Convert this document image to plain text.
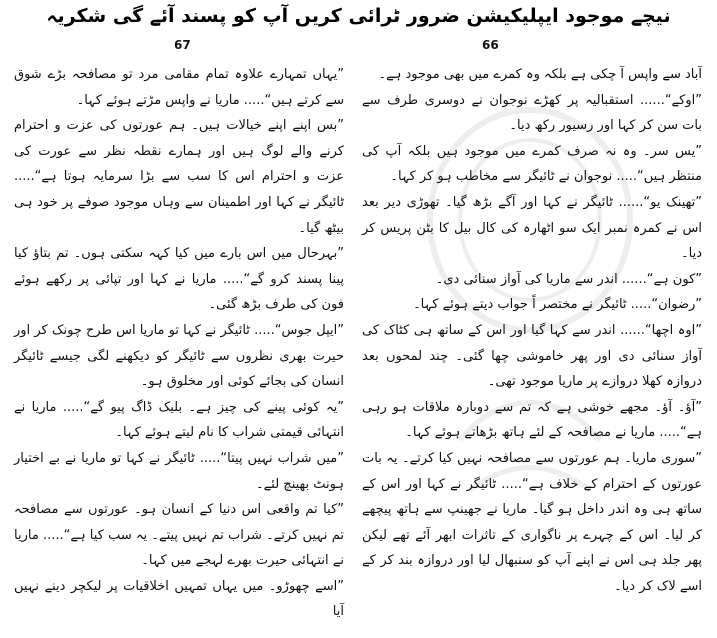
نیچے موجود ایپلیکیشن ضرور ٹرائی کریں آپ کو پسند آئے گی شکریہ
67	66

آباد سے واپس آ چکی ہے بلکہ وہ کمرے میں بھی موجود ہے۔

”اوکے“...... استقبالیہ پر کھڑے نوجوان نے دوسری طرف سے بات سن کر کہا اور رسیور رکھ دیا۔

”یس سر۔ وہ نہ صرف کمرے میں موجود ہیں بلکہ آپ کی منتظر ہیں“..... نوجوان نے ٹائیگر سے مخاطب ہو کر کہا۔

”تھینک یو“...... ٹائیگر نے کہا اور آگے بڑھ گیا۔ تھوڑی دیر بعد اس نے کمرہ نمبر ایک سو اٹھارہ کی کال بیل کا بٹن پریس کر دیا۔

”کون ہے“...... اندر سے ماریا کی آواز سنائی دی۔

”رضوان“..... ٹائیگر نے مختصر اً جواب دیتے ہوئے کہا۔

”اوہ اچھا“...... اندر سے کہا گیا اور اس کے ساتھ ہی کٹاک کی آواز سنائی دی اور پھر خاموشی چھا گئی۔ چند لمحوں بعد دروازہ کھلا دروازے پر ماریا موجود تھی۔

”آؤ۔ آؤ۔ مجھے خوشی ہے کہ تم سے دوبارہ ملاقات ہو رہی ہے“..... ماریا نے مصافحہ کے لئے ہاتھ بڑھاتے ہوئے کہا۔

”سوری ماریا۔ ہم عورتوں سے مصافحہ نہیں کیا کرتے۔ یہ بات عورتوں کے احترام کے خلاف ہے“..... ٹائیگر نے کہا اور اس کے ساتھ ہی وہ اندر داخل ہو گیا۔ ماریا نے جھینپ سے ہاتھ پیچھے کر لیا۔ اس کے چہرے پر ناگواری کے تاثرات ابھر آئے تھے لیکن پھر جلد ہی اس نے اپنے آپ کو سنبھال لیا اور دروازہ بند کر کے اسے لاک کر دیا۔

”یہاں تمہارے علاوہ تمام مقامی مرد تو مصافحہ بڑے شوق سے کرتے ہیں“..... ماریا نے واپس مڑتے ہوئے کہا۔

”بس اپنے اپنے خیالات ہیں۔ ہم عورتوں کی عزت و احترام کرنے والے لوگ ہیں اور ہمارے نقطہ نظر سے عورت کی عزت و احترام اس کا سب سے بڑا سرمایہ ہوتا ہے“..... ٹائیگر نے کہا اور اطمینان سے وہاں موجود صوفے پر خود ہی بیٹھ گیا۔

”بہرحال میں اس بارے میں کیا کہہ سکتی ہوں۔ تم بتاؤ کیا پینا پسند کرو گے“..... ماریا نے کہا اور تپائی پر رکھے ہوئے فون کی طرف بڑھ گئی۔

”ایپل جوس“..... ٹائیگر نے کہا تو ماریا اس طرح چونک کر اور حیرت بھری نظروں سے ٹائیگر کو دیکھنے لگی جیسے ٹائیگر انسان کی بجائے کوئی اور مخلوق ہو۔

”یہ کوئی پینے کی چیز ہے۔ بلیک ڈاگ پیو گے“..... ماریا نے انتہائی قیمتی شراب کا نام لیتے ہوئے کہا۔

”میں شراب نہیں پیتا“..... ٹائیگر نے کہا تو ماریا نے بے اختیار ہونٹ بھینچ لئے۔

”کیا تم واقعی اس دنیا کے انسان ہو۔ عورتوں سے مصافحہ تم نہیں کرتے۔ شراب تم نہیں پیتے۔ یہ سب کیا ہے“..... ماریا نے انتہائی حیرت بھرے لہجے میں کہا۔

”اسے چھوڑو۔ میں یہاں تمہیں اخلاقیات پر لیکچر دینے نہیں آیا
